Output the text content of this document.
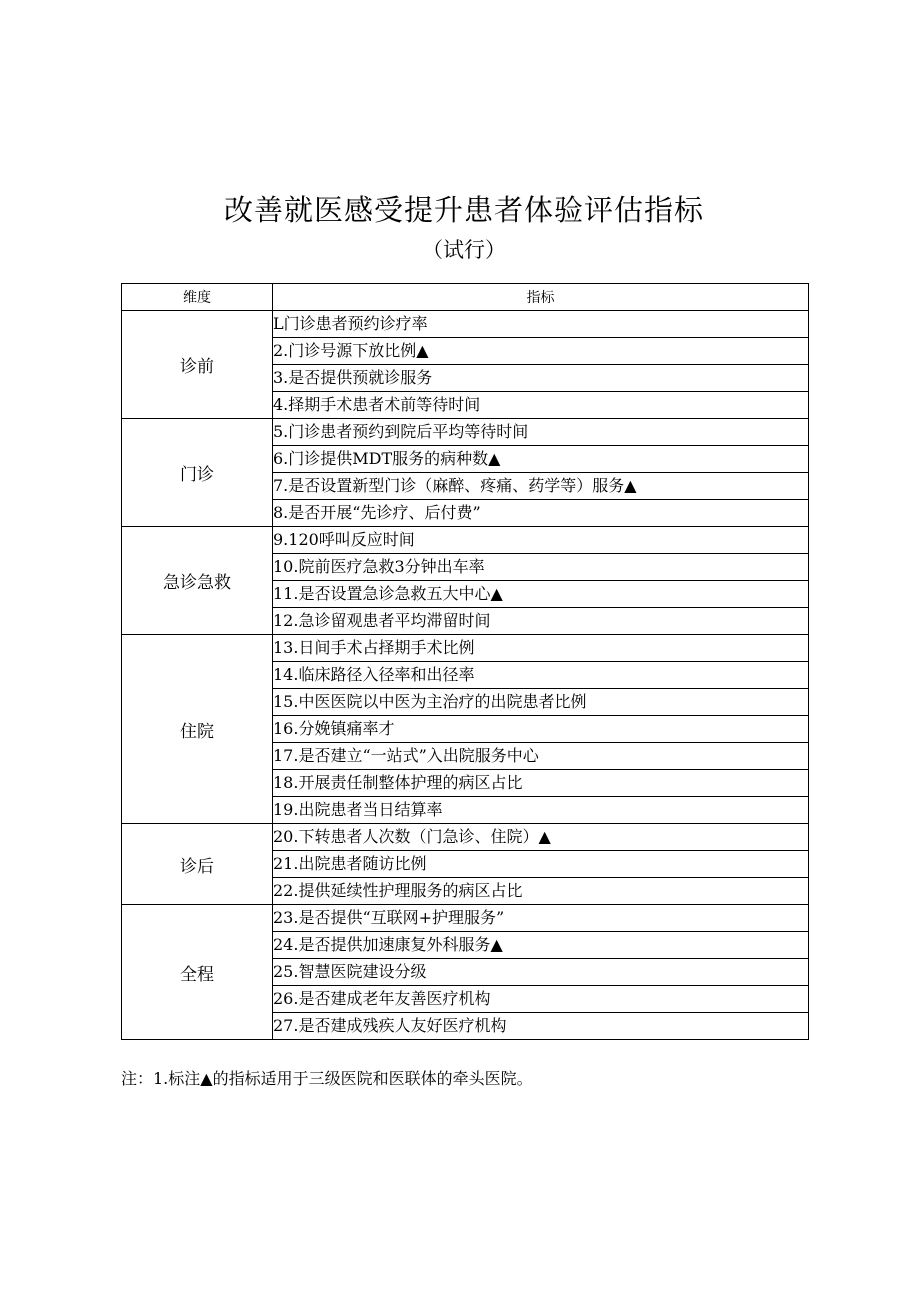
改善就医感受提升患者体验评估指标
（试行）
维度	指标
诊前	L门诊患者预约诊疗率
	2.门诊号源下放比例▲
	3.是否提供预就诊服务
	4.择期手术患者术前等待时间
门诊	5.门诊患者预约到院后平均等待时间
	6.门诊提供MDT服务的病种数▲
	7.是否设置新型门诊（麻醉、疼痛、药学等）服务▲
	8.是否开展“先诊疗、后付费”
急诊急救	9.120呼叫反应时间
	10.院前医疗急救3分钟出车率
	11.是否设置急诊急救五大中心▲
	12.急诊留观患者平均滞留时间
住院	13.日间手术占择期手术比例
	14.临床路径入径率和出径率
	15.中医医院以中医为主治疗的出院患者比例
	16.分娩镇痛率才
	17.是否建立“一站式”入出院服务中心
	18.开展责任制整体护理的病区占比
	19.出院患者当日结算率
诊后	20.下转患者人次数（门急诊、住院）▲
	21.出院患者随访比例
	22.提供延续性护理服务的病区占比
全程	23.是否提供“互联网+护理服务”
	24.是否提供加速康复外科服务▲
	25.智慧医院建设分级
	26.是否建成老年友善医疗机构
	27.是否建成残疾人友好医疗机构
注：1.标注▲的指标适用于三级医院和医联体的牵头医院。
